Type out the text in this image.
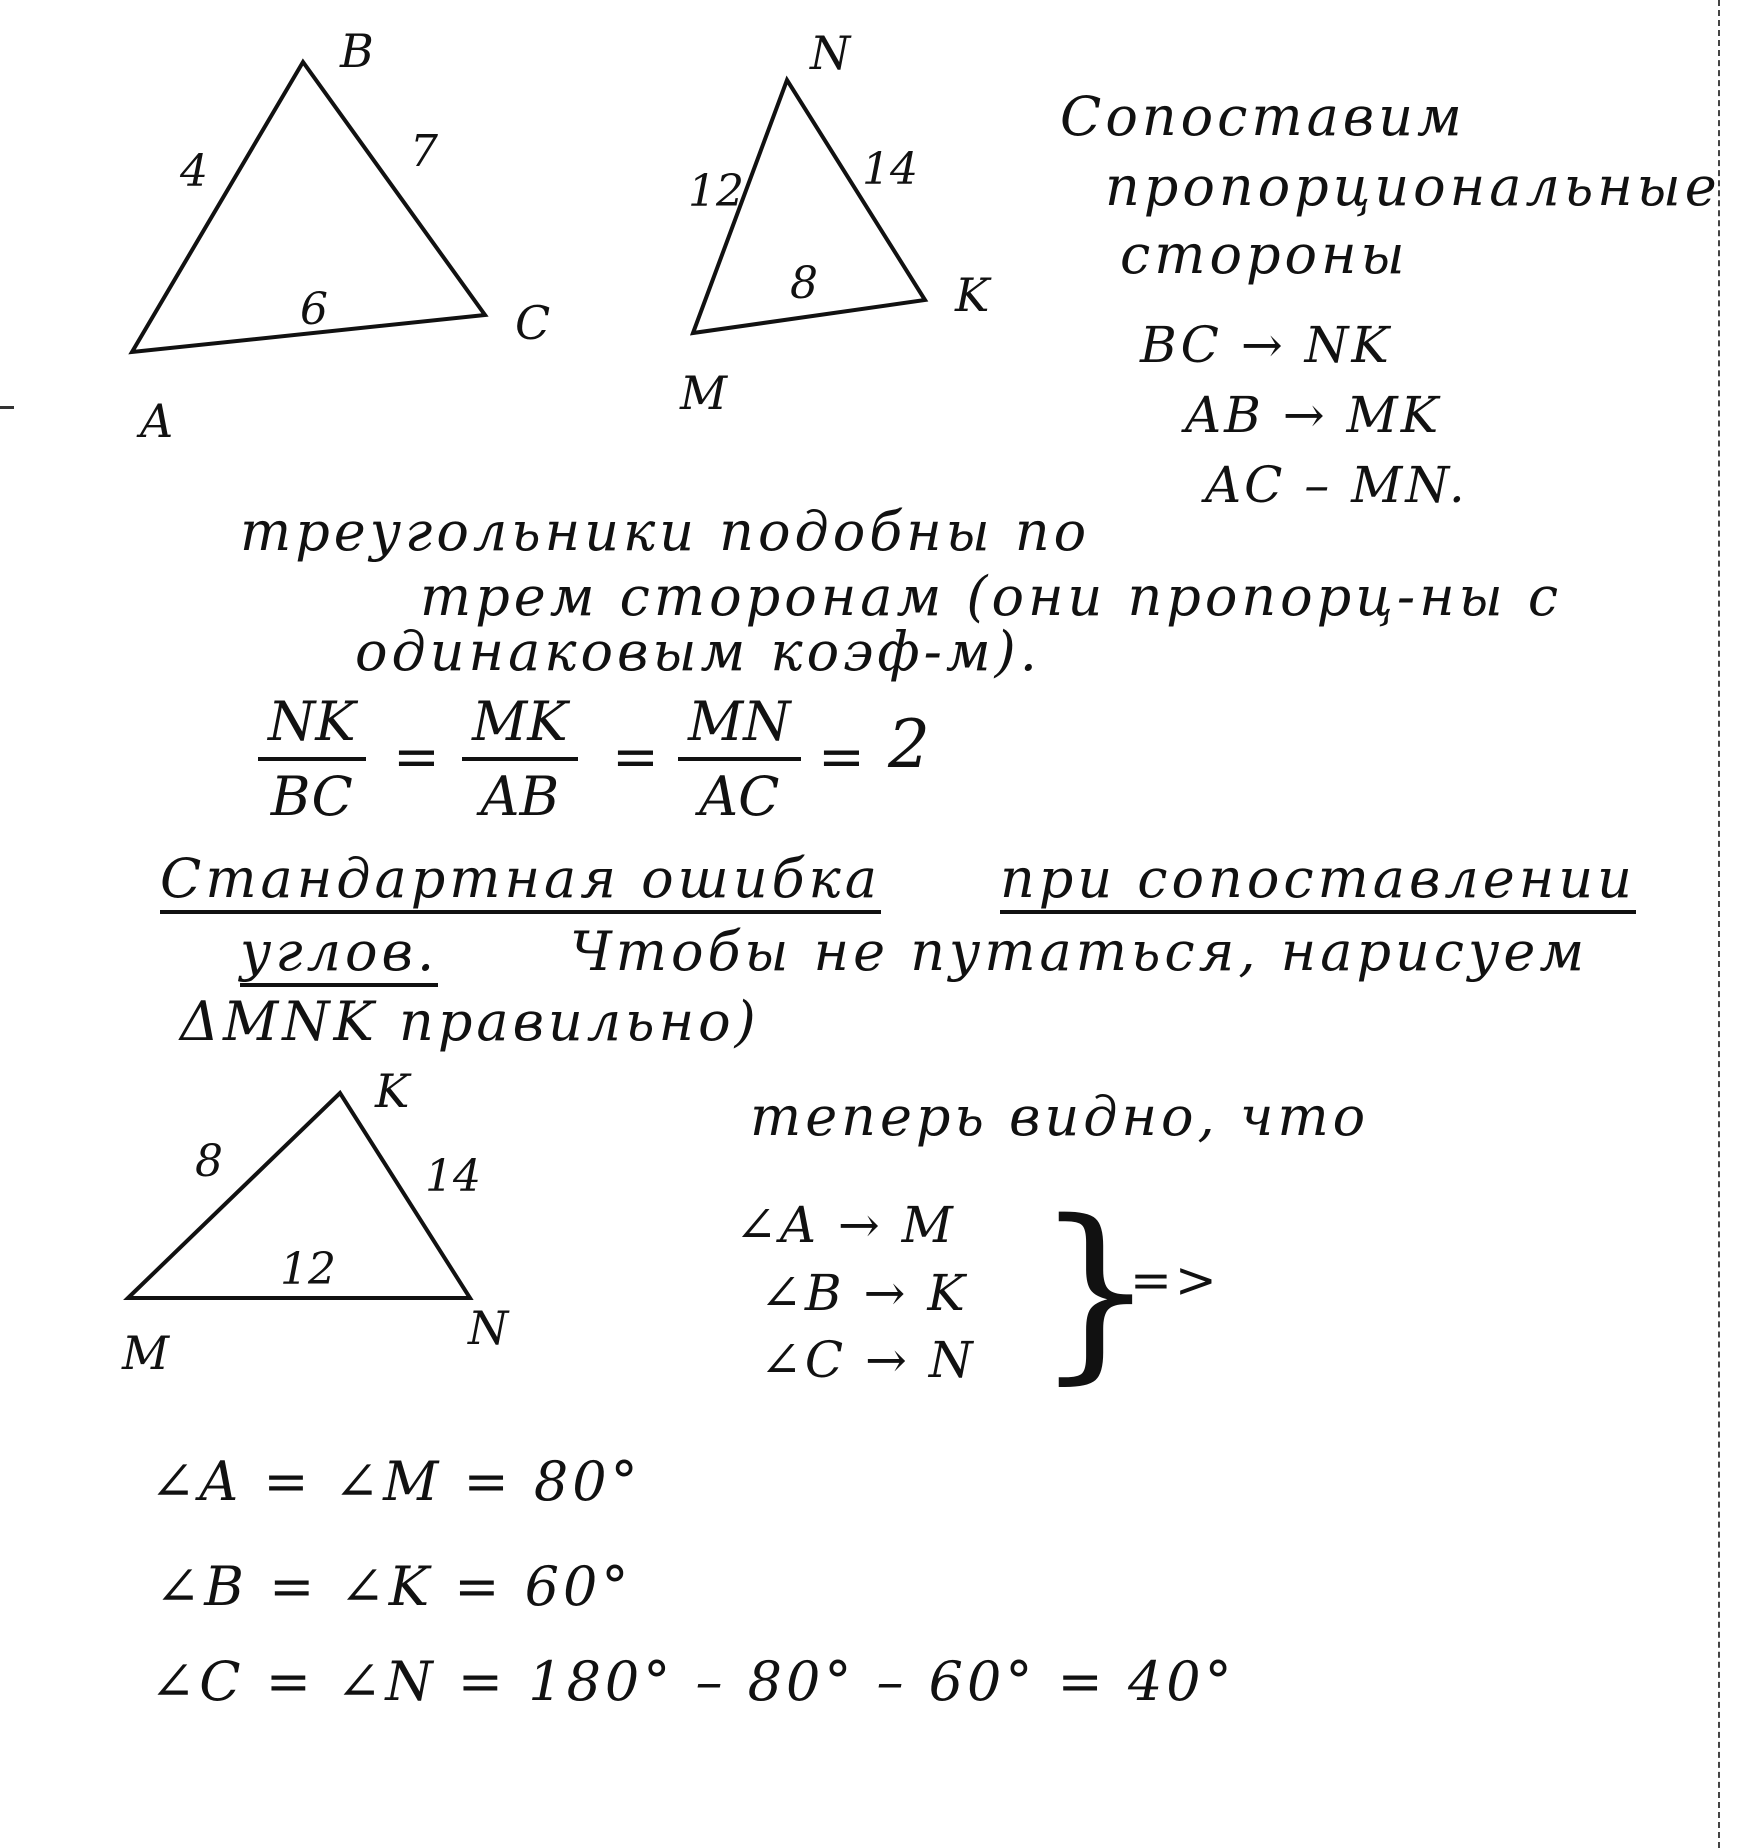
A
B
C
4	7
6
M
N
K
12	14
8
Сопоставим
пропорциональные
стороны
BC → NK
AB → MK
AC – MN.
треугольники подобны по
трем сторонам (они пропорц-ны с
одинаковым коэф-м).
$\frac{NK}{BC} = \frac{MK}{AB} = \frac{MN}{AC} = 2$
Стандартная ошибка при сопоставлении
углов. Чтобы не путаться, нарисуем
ΔMNK правильно)
M
K
N
8	14
12
теперь видно, что
∠A → M
∠B → K
∠C → N }
=>
∠A = ∠M = 80°
∠B = ∠K = 60°
∠C = ∠N = 180° – 80° – 60° = 40°
